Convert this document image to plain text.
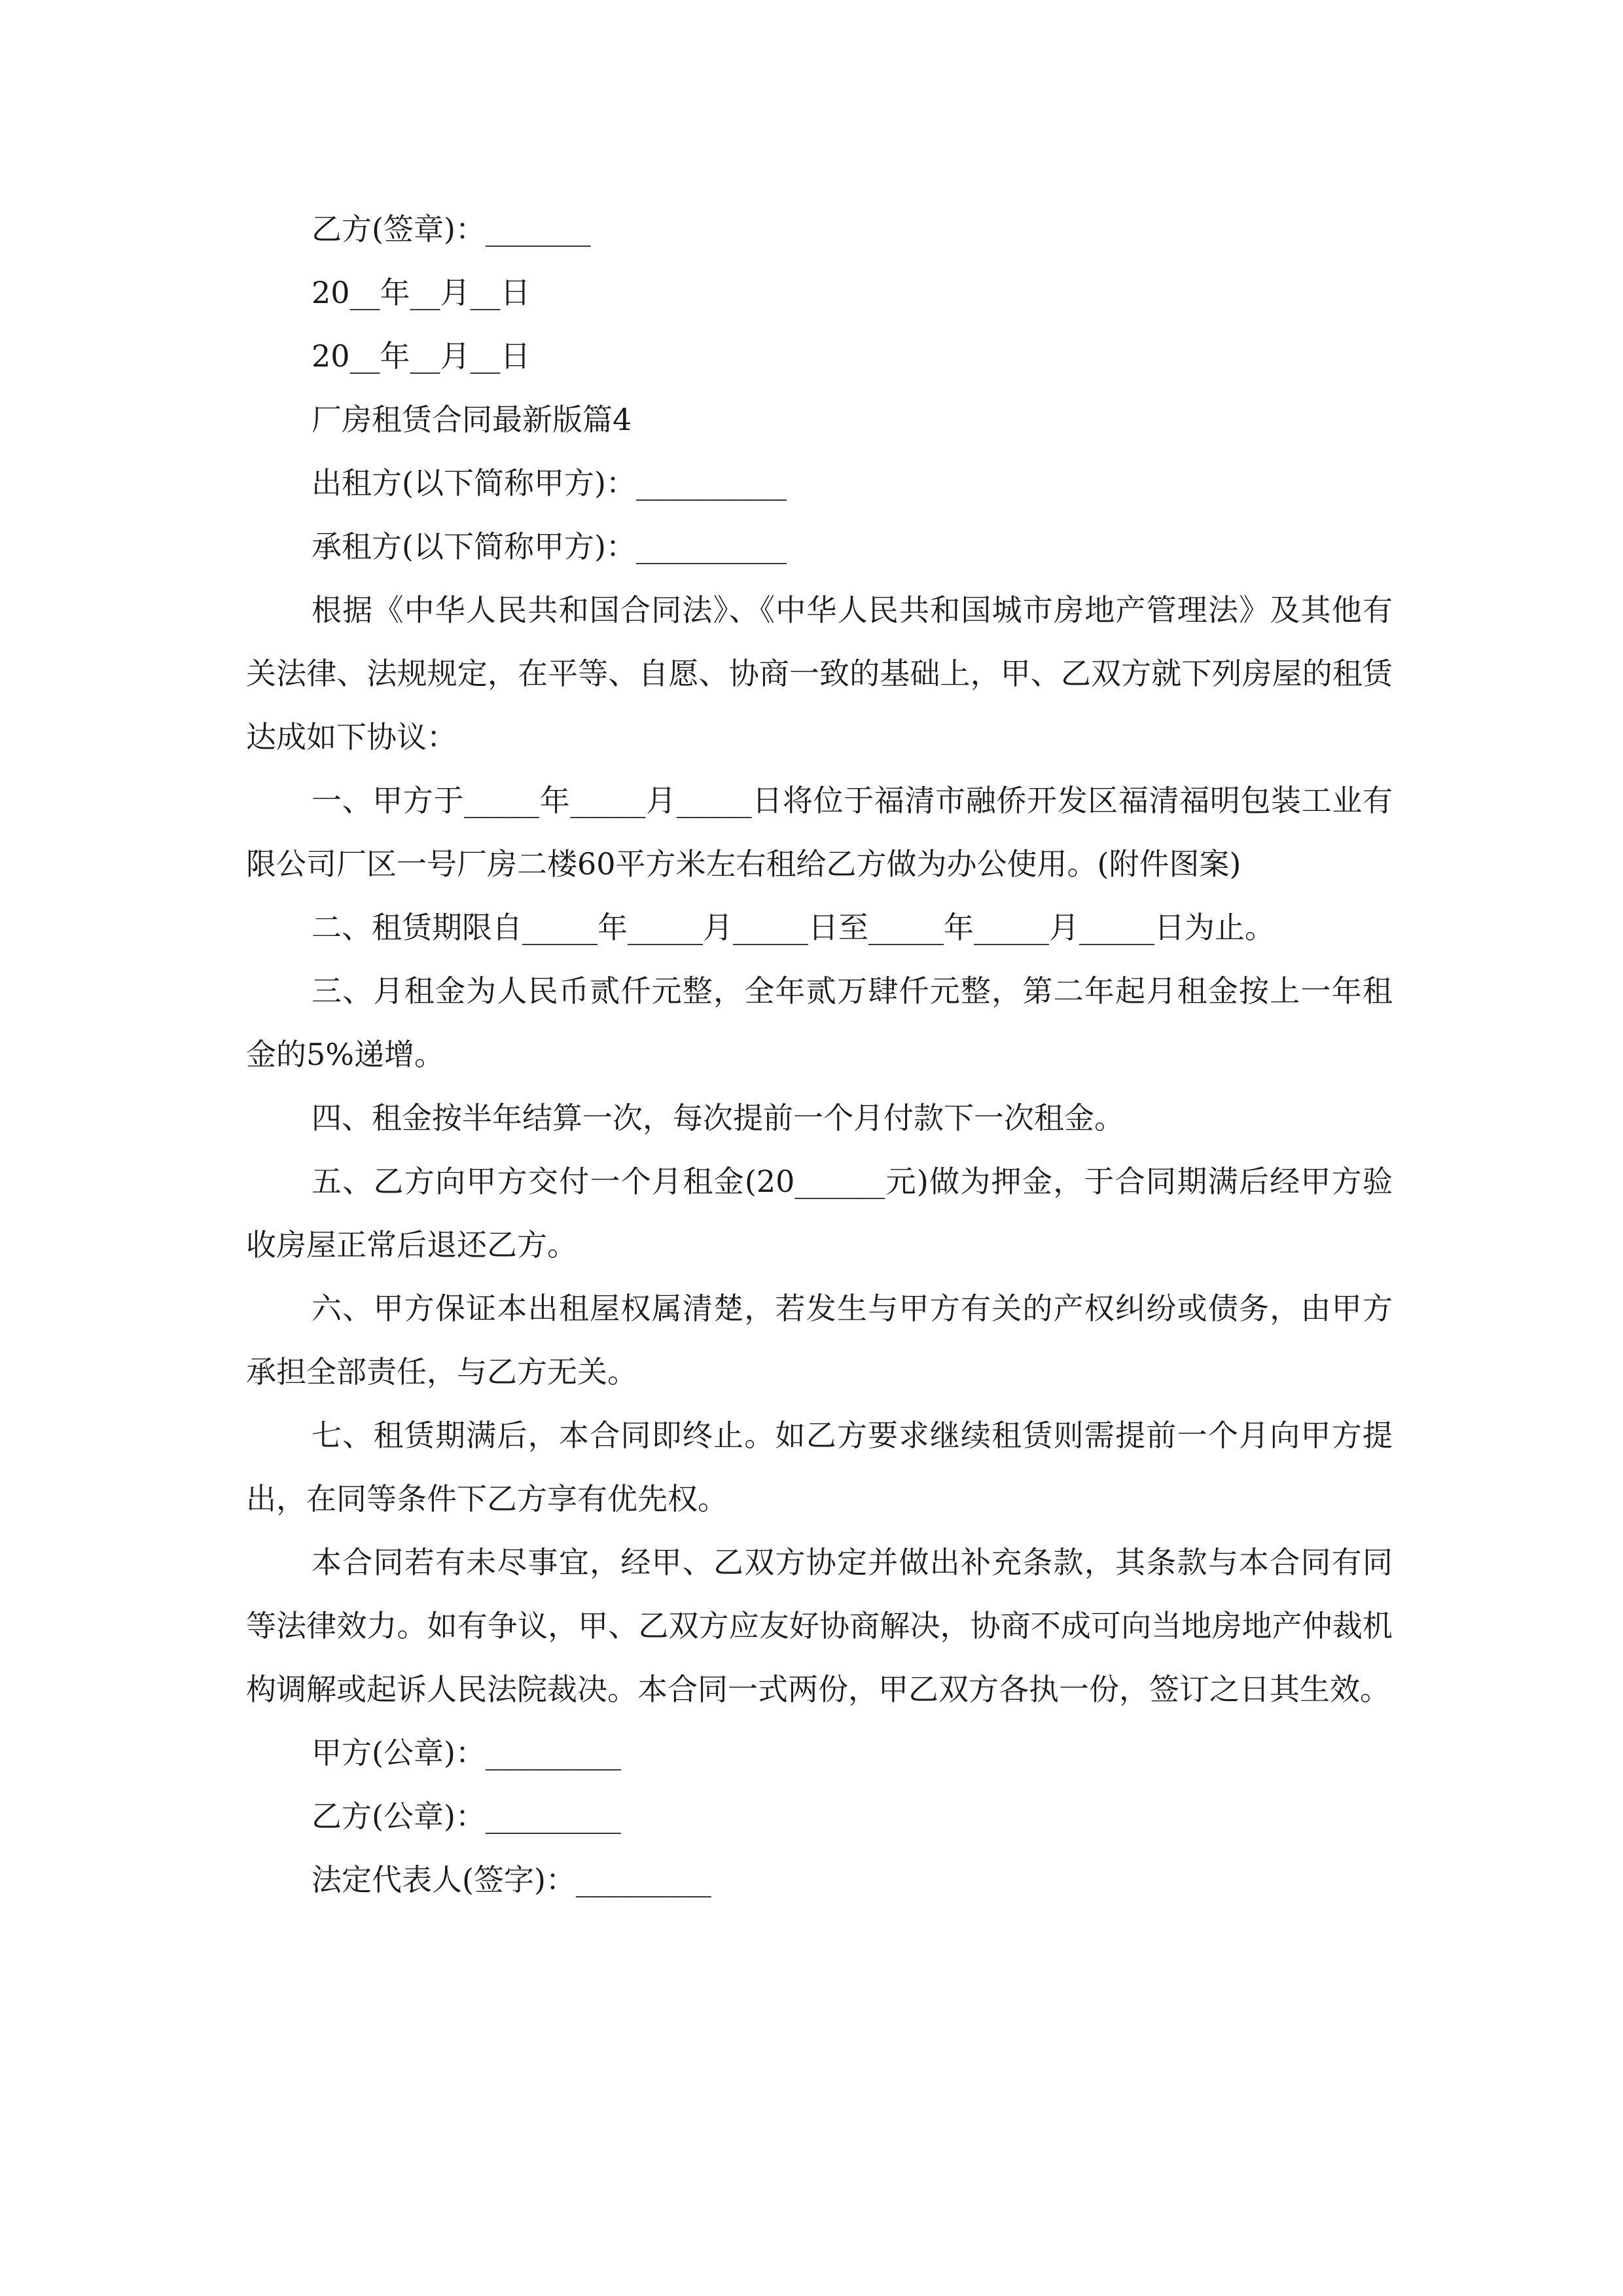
乙方(签章)：_______
20__年__月__日
20__年__月__日
厂房租赁合同最新版篇4
出租方(以下简称甲方)：__________
承租方(以下简称甲方)：__________

根据《中华人民共和国合同法》、《中华人民共和国城市房地产管理法》及其他有关法律、法规规定，在平等、自愿、协商一致的基础上，甲、乙双方就下列房屋的租赁达成如下协议：

一、甲方于_____年_____月_____日将位于福清市融侨开发区福清福明包装工业有限公司厂区一号厂房二楼60平方米左右租给乙方做为办公使用。(附件图案)

二、租赁期限自_____年_____月_____日至_____年_____月_____日为止。

三、月租金为人民币贰仟元整，全年贰万肆仟元整，第二年起月租金按上一年租金的5%递增。

四、租金按半年结算一次，每次提前一个月付款下一次租金。

五、乙方向甲方交付一个月租金(20______元)做为押金，于合同期满后经甲方验收房屋正常后退还乙方。

六、甲方保证本出租屋权属清楚，若发生与甲方有关的产权纠纷或债务，由甲方承担全部责任，与乙方无关。

七、租赁期满后，本合同即终止。如乙方要求继续租赁则需提前一个月向甲方提出，在同等条件下乙方享有优先权。

本合同若有未尽事宜，经甲、乙双方协定并做出补充条款，其条款与本合同有同等法律效力。如有争议，甲、乙双方应友好协商解决，协商不成可向当地房地产仲裁机构调解或起诉人民法院裁决。本合同一式两份，甲乙双方各执一份，签订之日其生效。

甲方(公章)：_________
乙方(公章)：_________
法定代表人(签字)：_________
